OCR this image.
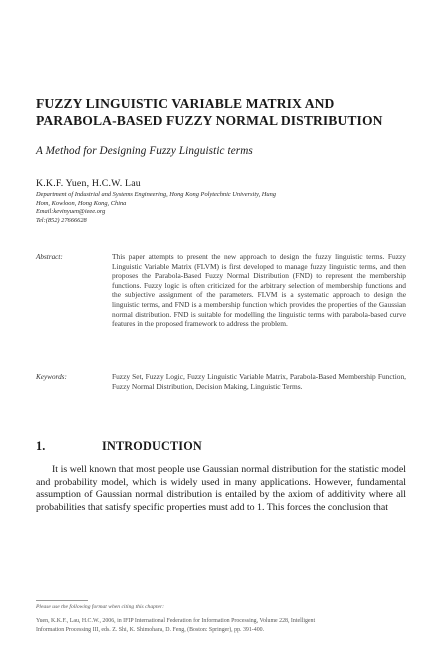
FUZZY LINGUISTIC VARIABLE MATRIX AND PARABOLA-BASED FUZZY NORMAL DISTRIBUTION
A Method for Designing Fuzzy Linguistic terms
K.K.F. Yuen, H.C.W. Lau
Department of Industrial and Systems Engineering, Hong Kong Polytechnic University, Hung
Hom, Kowloon, Hong Kong, China
Email:kevinyuen@ieee.org
Tel:(852) 27666628
Abstract:	This paper attempts to present the new approach to design the fuzzy linguistic terms. Fuzzy Linguistic Variable Matrix (FLVM) is first developed to manage fuzzy linguistic terms, and then proposes the Parabola-Based Fuzzy Normal Distribution (FND) to represent the membership functions. Fuzzy logic is often criticized for the arbitrary selection of membership functions and the subjective assignment of the parameters. FLVM is a systematic approach to design the linguistic terms, and FND is a membership function which provides the properties of the Gaussian normal distribution. FND is suitable for modelling the linguistic terms with parabola-based curve features in the proposed framework to address the problem.
Keywords:	Fuzzy Set, Fuzzy Logic, Fuzzy Linguistic Variable Matrix, Parabola-Based Membership Function, Fuzzy Normal Distribution, Decision Making, Linguistic Terms.
1.	INTRODUCTION

It is well known that most people use Gaussian normal distribution for the statistic model and probability model, which is widely used in many applications. However, fundamental assumption of Gaussian normal distribution is entailed by the axiom of additivity where all probabilities that satisfy specific properties must add to 1. This forces the conclusion that

Please use the following format when citing this chapter:
Yuen, K.K.F., Lau, H.C.W., 2006, in IFIP International Federation for Information Processing, Volume 228, Intelligent
Information Processing III, eds. Z. Shi, K. Shimohara, D. Feng, (Boston: Springer), pp. 391-400.
